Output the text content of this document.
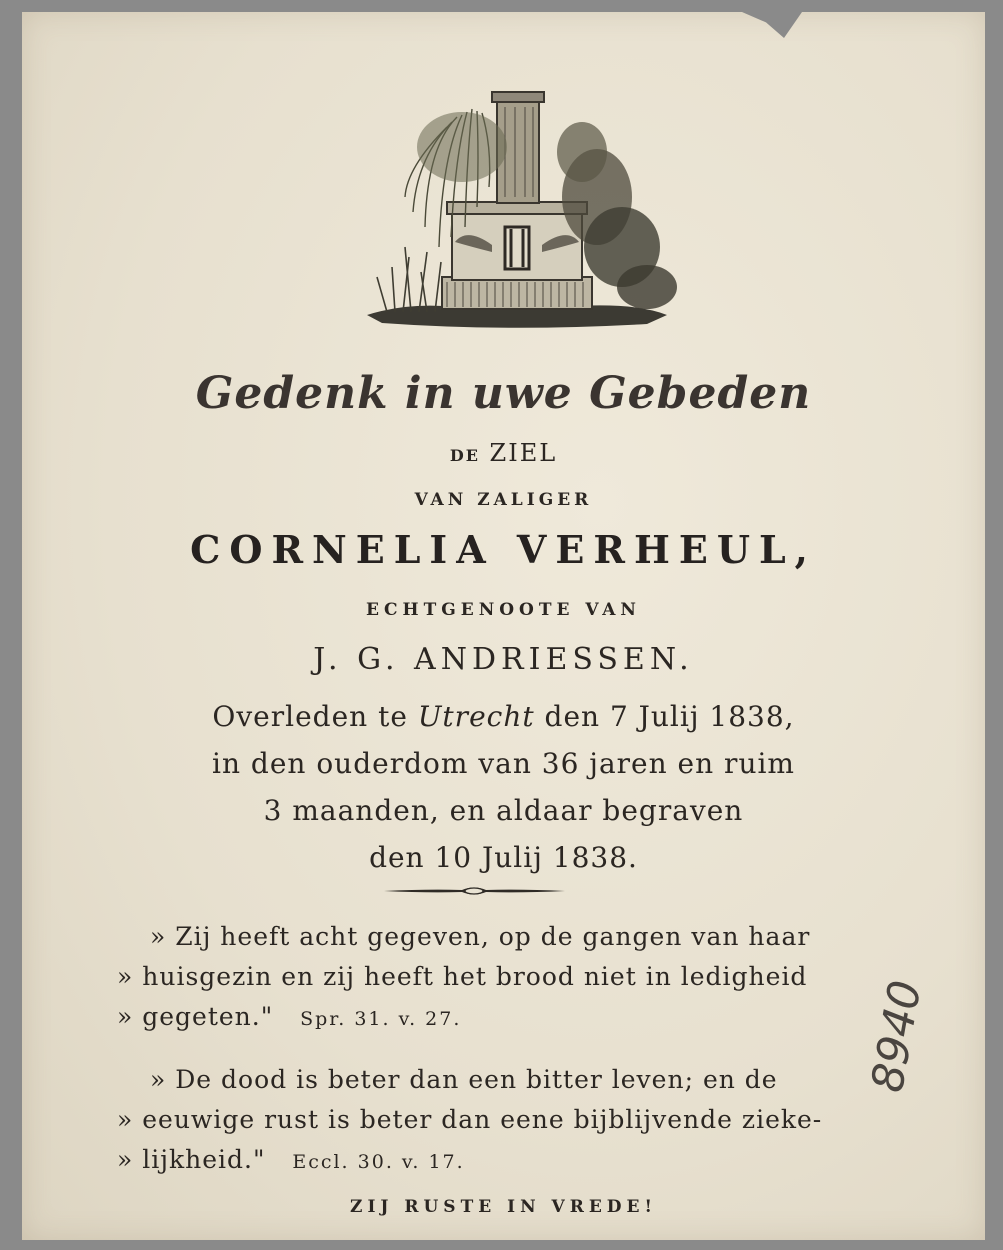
Gedenk in uwe Gebeden
DE ZIEL
VAN ZALIGER
CORNELIA VERHEUL,
ECHTGENOOTE VAN
J. G. ANDRIESSEN.
Overleden te Utrecht den 7 Julij 1838,
in den ouderdom van 36 jaren en ruim
3 maanden, en aldaar begraven
den 10 Julij 1838.
» Zij heeft acht gegeven, op de gangen van haar
» huisgezin en zij heeft het brood niet in ledigheid
» gegeten." Spr. 31. v. 27.
» De dood is beter dan een bitter leven; en de
» eeuwige rust is beter dan eene bijblijvende zieke-
» lijkheid." Eccl. 30. v. 17.
ZIJ RUSTE IN VREDE!
8940
